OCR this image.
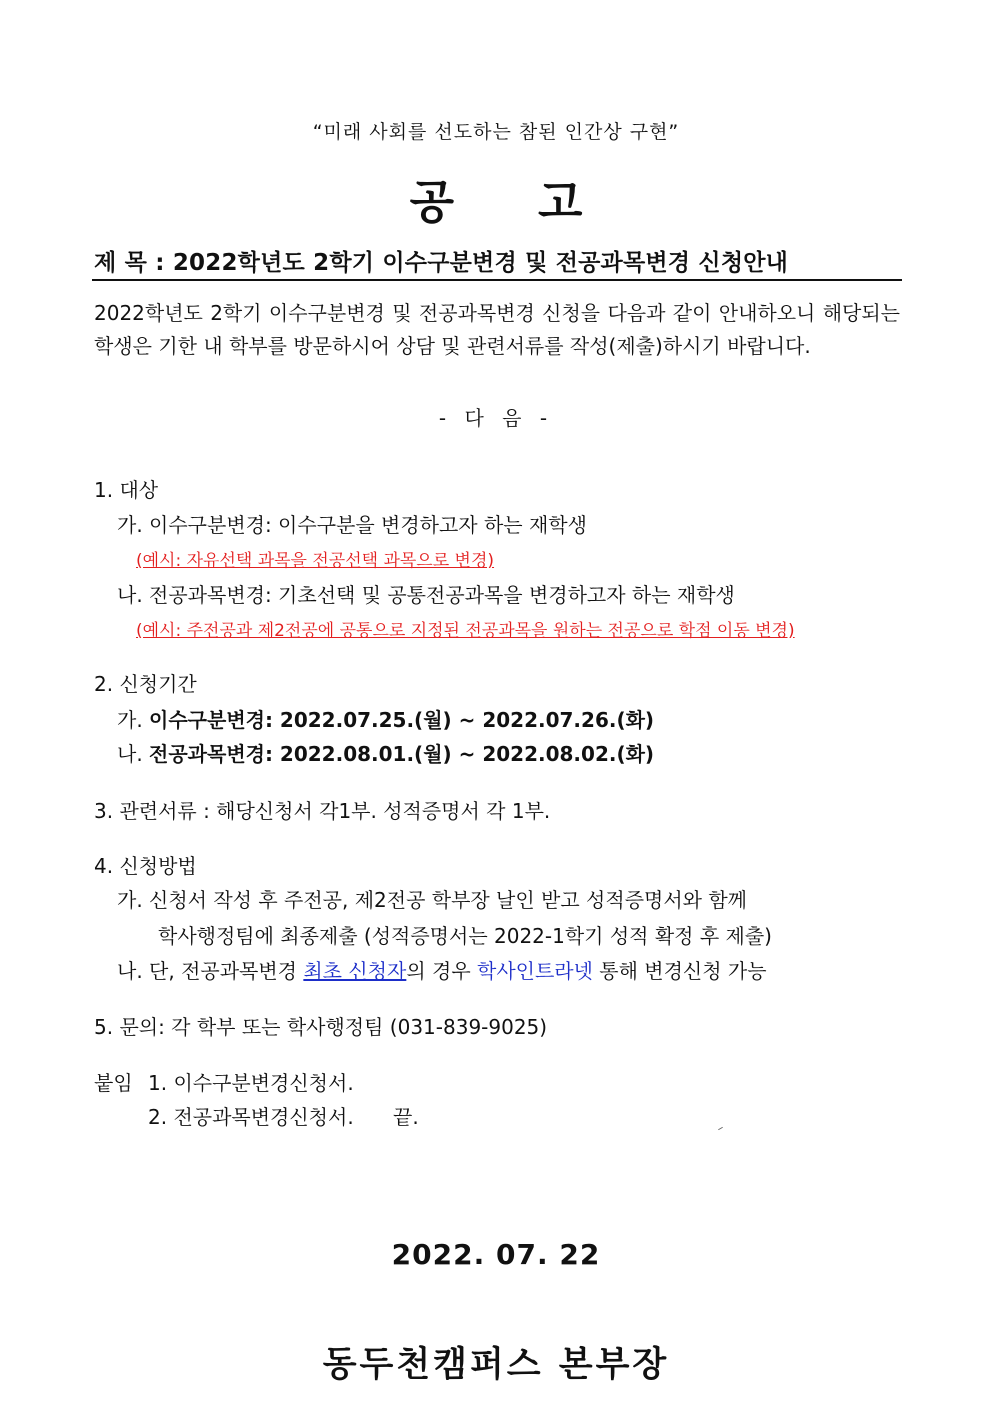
“미래 사회를 선도하는 참된 인간상 구현”
공 고
제 목 : 2022학년도 2학기 이수구분변경 및 전공과목변경 신청안내
2022학년도 2학기 이수구분변경 및 전공과목변경 신청을 다음과 같이 안내하오니 해당되는 학생은 기한 내 학부를 방문하시어 상담 및 관련서류를 작성(제출)하시기 바랍니다.
- 다 음 -
1. 대상
가. 이수구분변경: 이수구분을 변경하고자 하는 재학생
(예시: 자유선택 과목을 전공선택 과목으로 변경)
나. 전공과목변경: 기초선택 및 공통전공과목을 변경하고자 하는 재학생
(예시: 주전공과 제2전공에 공통으로 지정된 전공과목을 원하는 전공으로 학점 이동 변경)
2. 신청기간
가. 이수구분변경: 2022.07.25.(월) ~ 2022.07.26.(화)
나. 전공과목변경: 2022.08.01.(월) ~ 2022.08.02.(화)
3. 관련서류 : 해당신청서 각1부. 성적증명서 각 1부.
4. 신청방법
가. 신청서 작성 후 주전공, 제2전공 학부장 날인 받고 성적증명서와 함께
학사행정팀에 최종제출 (성적증명서는 2022-1학기 성적 확정 후 제출)
나. 단, 전공과목변경 최초 신청자의 경우 학사인트라넷 통해 변경신청 가능
5. 문의: 각 학부 또는 학사행정팀 (031-839-9025)
붙임 1. 이수구분변경신청서.
2. 전공과목변경신청서. 끝.
2022. 07. 22
동두천캠퍼스 본부장
